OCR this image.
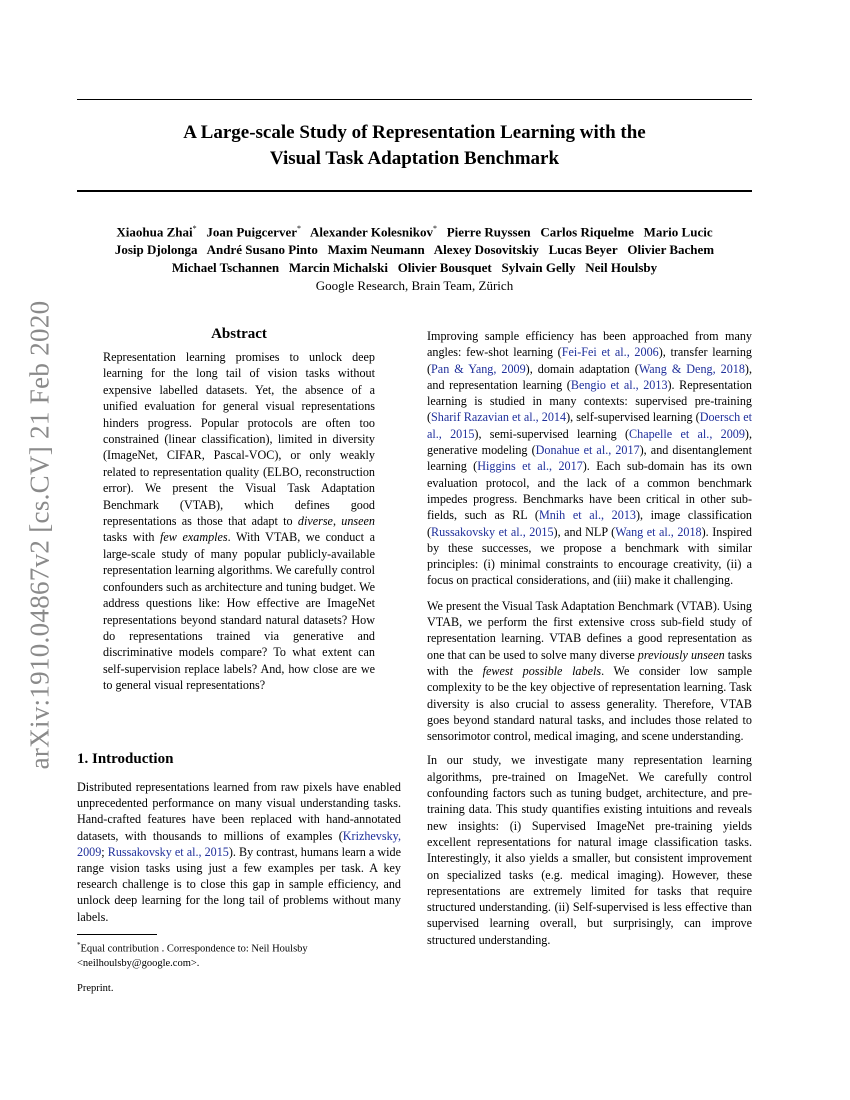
A Large-scale Study of Representation Learning with the
Visual Task Adaptation Benchmark
Xiaohua Zhai* Joan Puigcerver* Alexander Kolesnikov* Pierre Ruyssen Carlos Riquelme Mario Lucic
Josip Djolonga André Susano Pinto Maxim Neumann Alexey Dosovitskiy Lucas Beyer Olivier Bachem
Michael Tschannen Marcin Michalski Olivier Bousquet Sylvain Gelly Neil Houlsby
Google Research, Brain Team, Zürich
arXiv:1910.04867v2 [cs.CV] 21 Feb 2020	Abstract

Representation learning promises to unlock deep learning for the long tail of vision tasks without expensive labelled datasets. Yet, the absence of a unified evaluation for general visual representations hinders progress. Popular protocols are often too constrained (linear classification), limited in diversity (ImageNet, CIFAR, Pascal-VOC), or only weakly related to representation quality (ELBO, reconstruction error). We present the Visual Task Adaptation Benchmark (VTAB), which defines good representations as those that adapt to diverse, unseen tasks with few examples. With VTAB, we conduct a large-scale study of many popular publicly-available representation learning algorithms. We carefully control confounders such as architecture and tuning budget. We address questions like: How effective are ImageNet representations beyond standard natural datasets? How do representations trained via generative and discriminative models compare? To what extent can self-supervision replace labels? And, how close are we to general visual representations?

1. Introduction

Distributed representations learned from raw pixels have enabled unprecedented performance on many visual understanding tasks. Hand-crafted features have been replaced with hand-annotated datasets, with thousands to millions of examples (Krizhevsky, 2009; Russakovsky et al., 2015). By contrast, humans learn a wide range vision tasks using just a few examples per task. A key research challenge is to close this gap in sample efficiency, and unlock deep learning for the long tail of problems without many labels.

*Equal contribution . Correspondence to: Neil Houlsby <neilhoulsby@google.com>.
Preprint.

Improving sample efficiency has been approached from many angles: few-shot learning (Fei-Fei et al., 2006), transfer learning (Pan & Yang, 2009), domain adaptation (Wang & Deng, 2018), and representation learning (Bengio et al., 2013). Representation learning is studied in many contexts: supervised pre-training (Sharif Razavian et al., 2014), self-supervised learning (Doersch et al., 2015), semi-supervised learning (Chapelle et al., 2009), generative modeling (Donahue et al., 2017), and disentanglement learning (Higgins et al., 2017). Each sub-domain has its own evaluation protocol, and the lack of a common benchmark impedes progress. Benchmarks have been critical in other sub-fields, such as RL (Mnih et al., 2013), image classification (Russakovsky et al., 2015), and NLP (Wang et al., 2018). Inspired by these successes, we propose a benchmark with similar principles: (i) minimal constraints to encourage creativity, (ii) a focus on practical considerations, and (iii) make it challenging.

We present the Visual Task Adaptation Benchmark (VTAB). Using VTAB, we perform the first extensive cross sub-field study of representation learning. VTAB defines a good representation as one that can be used to solve many diverse previously unseen tasks with the fewest possible labels. We consider low sample complexity to be the key objective of representation learning. Task diversity is also crucial to assess generality. Therefore, VTAB goes beyond standard natural tasks, and includes those related to sensorimotor control, medical imaging, and scene understanding.

In our study, we investigate many representation learning algorithms, pre-trained on ImageNet. We carefully control confounding factors such as tuning budget, architecture, and pre-training data. This study quantifies existing intuitions and reveals new insights: (i) Supervised ImageNet pre-training yields excellent representations for natural image classification tasks. Interestingly, it also yields a smaller, but consistent improvement on specialized tasks (e.g. medical imaging). However, these representations are extremely limited for tasks that require structured understanding. (ii) Self-supervised is less effective than supervised learning overall, but surprisingly, can improve structured understanding.
